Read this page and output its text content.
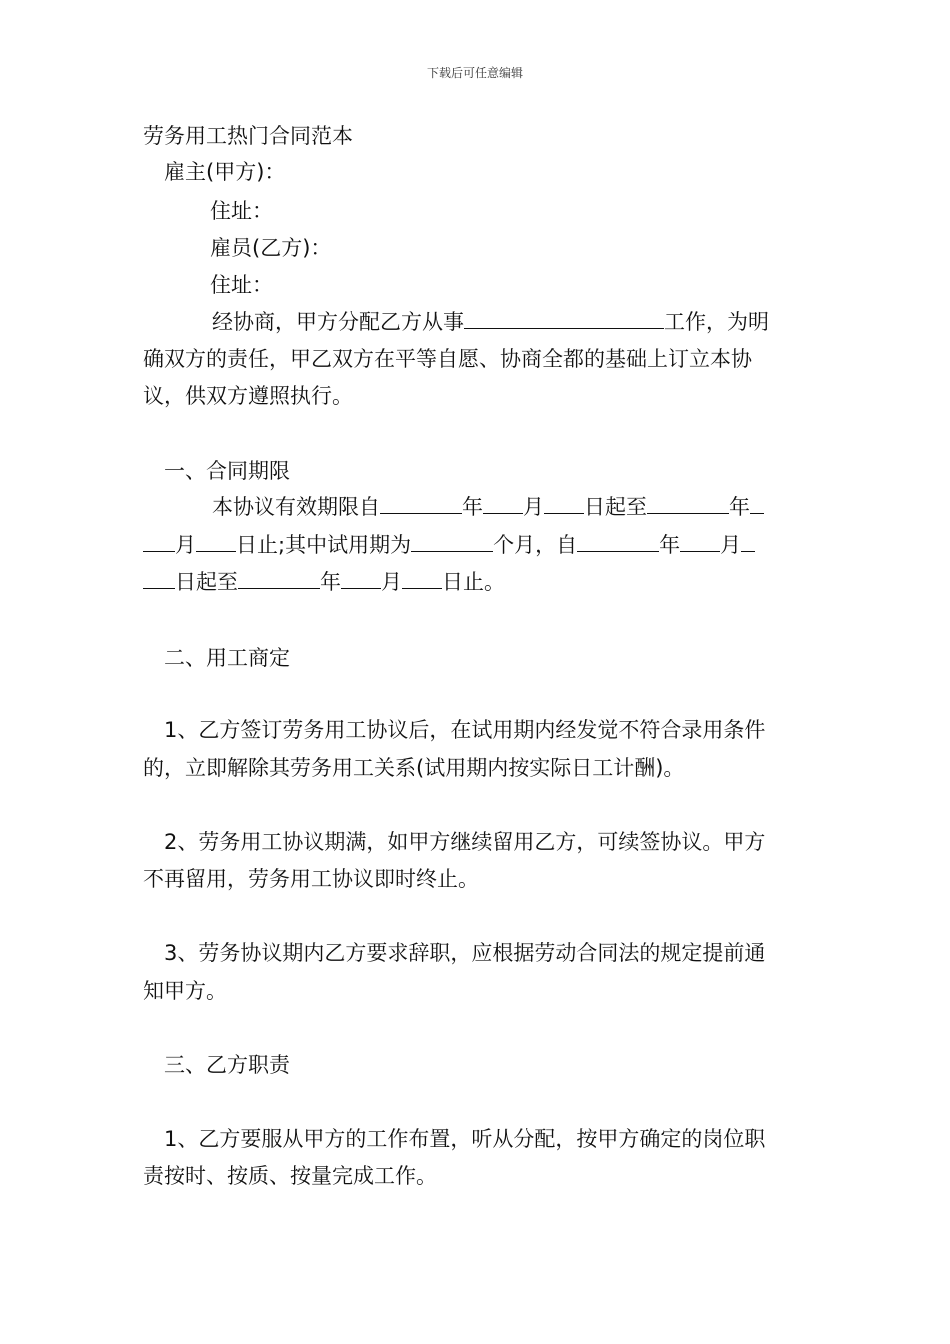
下载后可任意编辑
劳务用工热门合同范本
雇主(甲方)：
住址：
雇员(乙方)：
住址：
经协商，甲方分配乙方从事	工作，为明
确双方的责任，甲乙双方在平等自愿、协商全都的基础上订立本协
议，供双方遵照执行。
一、合同期限
本协议有效期限自	年 月 日起至	年
月 日止;其中试用期为	个月，自	年 月
日起至	年 月 日止。
二、用工商定
1、乙方签订劳务用工协议后，在试用期内经发觉不符合录用条件
的，立即解除其劳务用工关系(试用期内按实际日工计酬)。
2、劳务用工协议期满，如甲方继续留用乙方，可续签协议。甲方
不再留用，劳务用工协议即时终止。
3、劳务协议期内乙方要求辞职，应根据劳动合同法的规定提前通
知甲方。
三、乙方职责
1、乙方要服从甲方的工作布置，听从分配，按甲方确定的岗位职
责按时、按质、按量完成工作。
